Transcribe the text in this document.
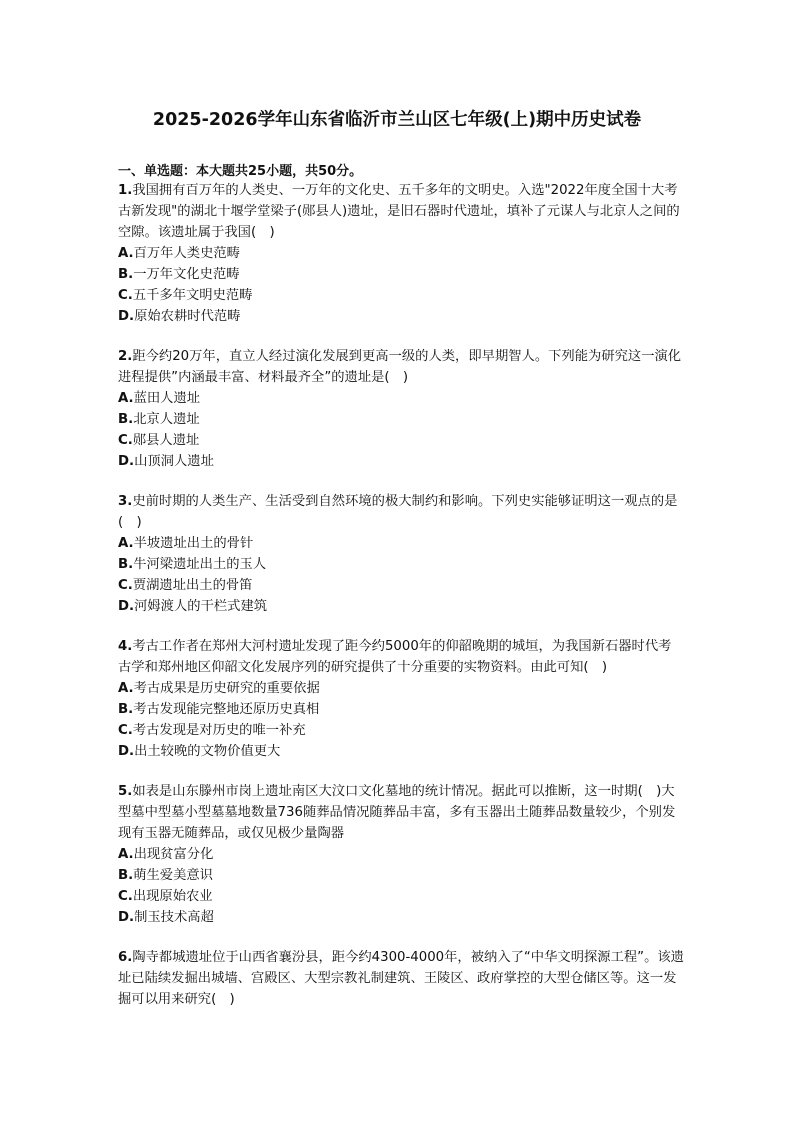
2025-2026学年山东省临沂市兰山区七年级(上)期中历史试卷
一、单选题：本大题共25小题，共50分。

1.我国拥有百万年的人类史、一万年的文化史、五千多年的文明史。入选"2022年度全国十大考古新发现"的湖北十堰学堂梁子(郧县人)遗址，是旧石器时代遗址，填补了元谋人与北京人之间的空隙。该遗址属于我国(　)

A.百万年人类史范畴

B.一万年文化史范畴

C.五千多年文明史范畴

D.原始农耕时代范畴

2.距今约20万年，直立人经过演化发展到更高一级的人类，即早期智人。下列能为研究这一演化进程提供”内涵最丰富、材料最齐全”的遗址是(　)

A.蓝田人遗址

B.北京人遗址

C.郧县人遗址

D.山顶洞人遗址

3.史前时期的人类生产、生活受到自然环境的极大制约和影响。下列史实能够证明这一观点的是(　)

A.半坡遗址出土的骨针

B.牛河梁遗址出土的玉人

C.贾湖遗址出土的骨笛

D.河姆渡人的干栏式建筑

4.考古工作者在郑州大河村遗址发现了距今约5000年的仰韶晚期的城垣，为我国新石器时代考古学和郑州地区仰韶文化发展序列的研究提供了十分重要的实物资料。由此可知(　)

A.考古成果是历史研究的重要依据

B.考古发现能完整地还原历史真相

C.考古发现是对历史的唯一补充

D.出土较晚的文物价值更大

5.如表是山东滕州市岗上遗址南区大汶口文化墓地的统计情况。据此可以推断，这一时期(　)大型墓中型墓小型墓墓地数量736随葬品情况随葬品丰富，多有玉器出土随葬品数量较少，个别发现有玉器无随葬品，或仅见极少量陶器

A.出现贫富分化

B.萌生爱美意识

C.出现原始农业

D.制玉技术高超

6.陶寺都城遗址位于山西省襄汾县，距今约4300-4000年，被纳入了“中华文明探源工程”。该遗址已陆续发掘出城墙、宫殿区、大型宗教礼制建筑、王陵区、政府掌控的大型仓储区等。这一发掘可以用来研究(　)
